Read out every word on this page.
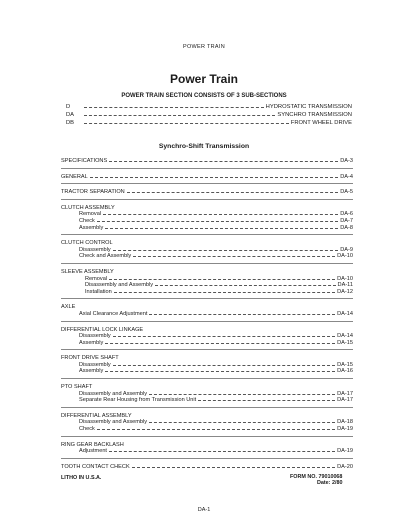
POWER TRAIN
Power Train
POWER TRAIN SECTION CONSISTS OF 3 SUB-SECTIONS
D	HYDROSTATIC TRANSMISSION
DA	SYNCHRO TRANSMISSION
DB	FRONT WHEEL DRIVE
Synchro-Shift Transmission
SPECIFICATIONS	DA-3
GENERAL	DA-4
TRACTOR SEPARATION	DA-5
CLUTCH ASSEMBLY
Removal	DA-6
Check	DA-7
Assembly	DA-8
CLUTCH CONTROL
Disassembly	DA-9
Check and Assembly	DA-10
SLEEVE ASSEMBLY
Removal	DA-10
Disassembly and Assembly	DA-11
Installation	DA-12
AXLE
Axial Clearance Adjustment	DA-14
DIFFERENTIAL LOCK LINKAGE
Disassembly	DA-14
Assembly	DA-15
FRONT DRIVE SHAFT
Disassembly	DA-15
Assembly	DA-16
PTO SHAFT
Disassembly and Assembly	DA-17
Separate Rear Housing from Transmission Unit	DA-17
DIFFERENTIAL ASSEMBLY
Disassembly and Assembly	DA-18
Check	DA-19
RING GEAR BACKLASH
Adjustment	DA-19
TOOTH CONTACT CHECK	DA-20
LITHO IN U.S.A.	FORM NO. 79010068
Date: 2/80
DA-1
